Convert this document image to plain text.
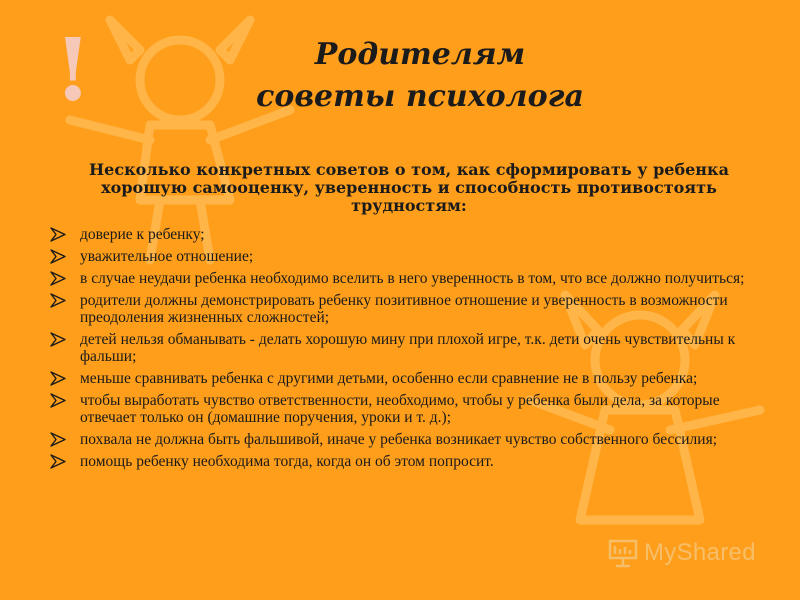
!	Родителям
советы психолога
Несколько конкретных советов о том, как сформировать у ребенка хорошую самооценку, уверенность и способность противостоять трудностям:
доверие к ребенку;
уважительное отношение;
в случае неудачи ребенка необходимо вселить в него уверенность в том, что все должно получиться;
родители должны демонстрировать ребенку позитивное отношение и уверенность в возможности преодоления жизненных сложностей;
детей нельзя обманывать - делать хорошую мину при плохой игре, т.к. дети очень чувствительны к фальши;
меньше сравнивать ребенка с другими детьми, особенно если сравнение не в пользу ребенка;
чтобы выработать чувство ответственности, необходимо, чтобы у ребенка были дела, за которые отвечает только он (домашние поручения, уроки и т. д.);
похвала не должна быть фальшивой, иначе у ребенка возникает чувство собственного бессилия;
помощь ребенку необходима тогда, когда он об этом попросит.
MyShared
